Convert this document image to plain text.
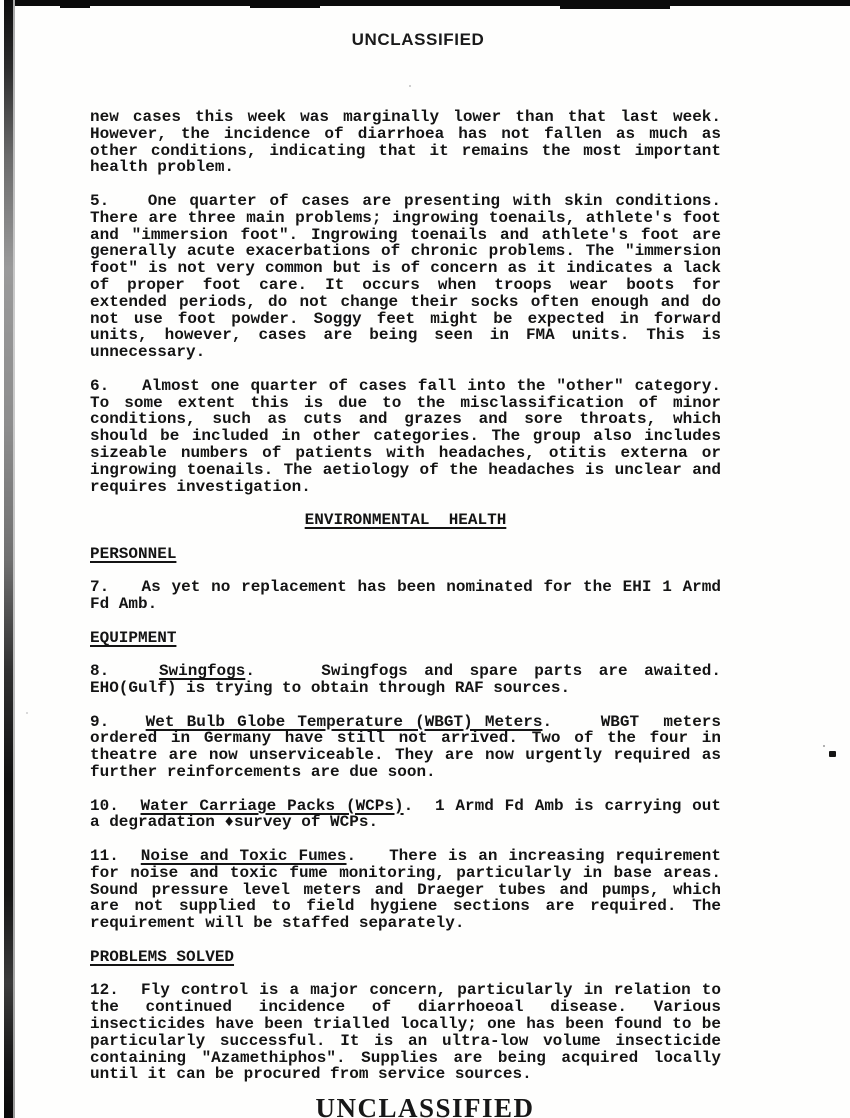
UNCLASSIFIED

new cases this week was marginally lower than that last week. However, the incidence of diarrhoea has not fallen as much as other conditions, indicating that it remains the most important health problem.

5.   One quarter of cases are presenting with skin conditions. There are three main problems; ingrowing toenails, athlete's foot and "immersion foot". Ingrowing toenails and athlete's foot are generally acute exacerbations of chronic problems. The "immersion foot" is not very common but is of concern as it indicates a lack of proper foot care. It occurs when troops wear boots for extended periods, do not change their socks often enough and do not use foot powder. Soggy feet might be expected in forward units, however, cases are being seen in FMA units. This is unnecessary.

6.   Almost one quarter of cases fall into the "other" category. To some extent this is due to the misclassification of minor conditions, such as cuts and grazes and sore throats, which should be included in other categories. The group also includes sizeable numbers of patients with headaches, otitis externa or ingrowing toenails. The aetiology of the headaches is unclear and requires investigation.

ENVIRONMENTAL  HEALTH

PERSONNEL

7.   As yet no replacement has been nominated for the EHI 1 Armd Fd Amb.

EQUIPMENT

8.   Swingfogs.    Swingfogs and spare parts are awaited. EHO(Gulf) is trying to obtain through RAF sources.

9.   Wet Bulb Globe Temperature (WBGT) Meters.    WBGT  meters ordered in Germany have still not arrived. Two of the four in theatre are now unserviceable. They are now urgently required as further reinforcements are due soon.

10.  Water Carriage Packs (WCPs).  1 Armd Fd Amb is carrying out a degradation ♦survey of WCPs.

11.  Noise and Toxic Fumes.   There is an increasing requirement for noise and toxic fume monitoring, particularly in base areas. Sound pressure level meters and Draeger tubes and pumps, which are not supplied to field hygiene sections are required. The requirement will be staffed separately.

PROBLEMS SOLVED

12.  Fly control is a major concern, particularly in relation to the continued incidence of diarrhoeoal disease. Various insecticides have been trialled locally; one has been found to be particularly successful. It is an ultra-low volume insecticide containing "Azamethiphos". Supplies are being acquired locally until it can be procured from service sources.

UNCLASSIFIED
